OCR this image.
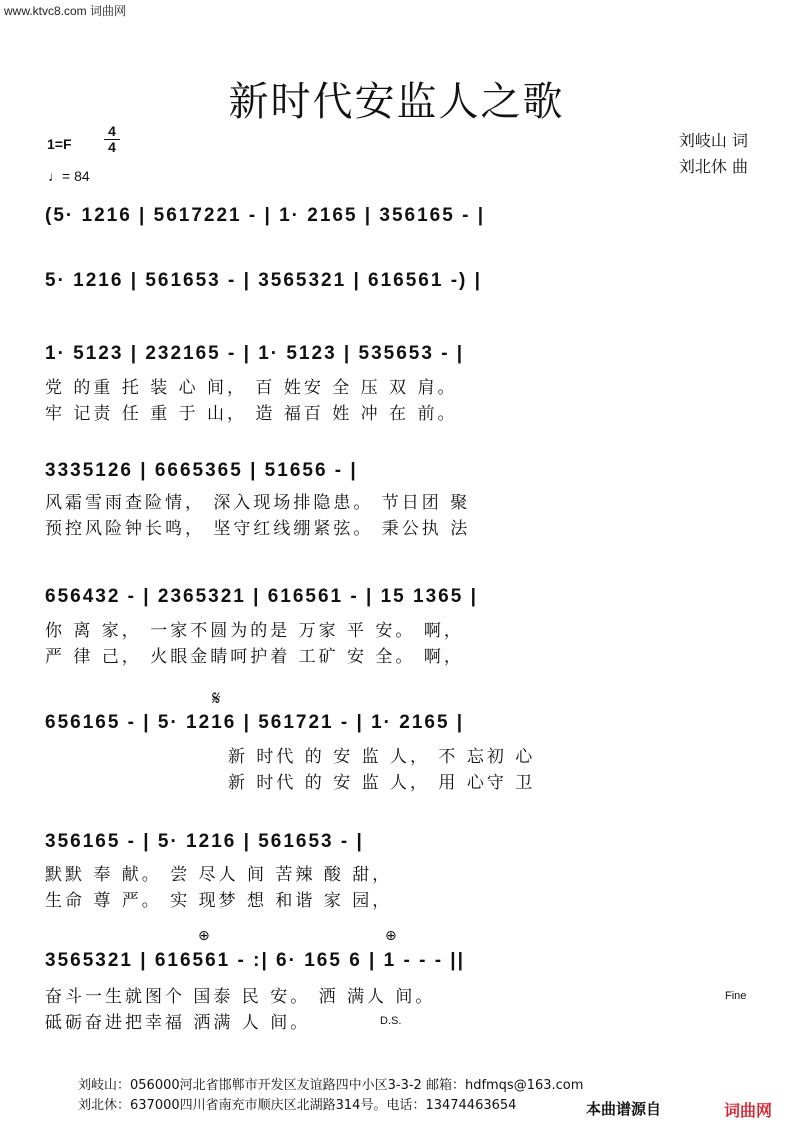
www.ktvc8.com 词曲网
新时代安监人之歌
1=F
4
4
♩= 84
刘岐山 词
刘北休 曲
(5· 1216 | 5617221 - | 1· 2165 | 356165 - |
5· 1216 | 561653 - | 3565321 | 616561 -) |
1· 5123 | 232165 - | 1· 5123 | 535653 - |
党 的重 托 装 心 间， 百 姓安 全 压 双 肩。
牢 记责 任 重 于 山， 造 福百 姓 冲 在 前。
3335126 | 6665365 | 51656 - |
风霜雪雨查险情， 深入现场排隐患。 节日团 聚
预控风险钟长鸣， 坚守红线绷紧弦。 秉公执 法
656432 - | 2365321 | 616561 - | 15 1365 |
你 离 家， 一家不圆为的是 万家 平 安。 啊，
严 律 己， 火眼金睛呵护着 工矿 安 全。 啊，
𝄋
656165 - | 5· 1216 | 561721 - | 1· 2165 |
新 时代 的 安 监 人， 不 忘初 心
新 时代 的 安 监 人， 用 心守 卫
356165 - | 5· 1216 | 561653 - |
默默 奉 献。 尝 尽人 间 苦辣 酸 甜，
生命 尊 严。 实 现梦 想 和谐 家 园，
⊕	⊕
3565321 | 616561 - :| 6· 165 6 | 1 - - - ||
奋斗一生就图个 国泰 民 安。 洒 满人 间。
砥砺奋进把幸福 洒满 人 间。
Fine
D.S.
刘岐山：056000河北省邯郸市开发区友谊路四中小区3-3-2 邮箱：hdfmqs@163.com
刘北休：637000四川省南充市顺庆区北湖路314号。电话：13474463654	本曲谱源自	词曲网
